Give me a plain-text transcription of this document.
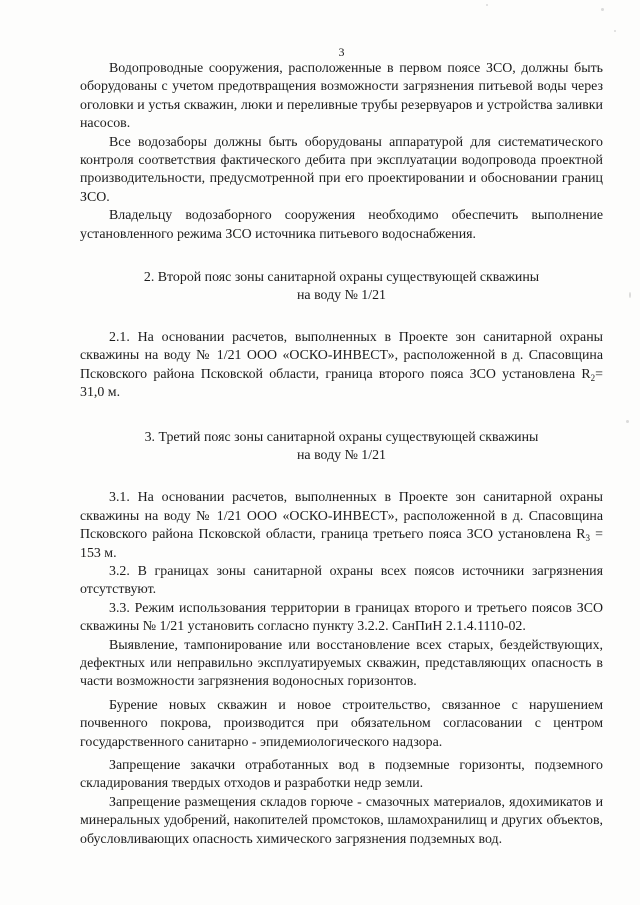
3

Водопроводные сооружения, расположенные в первом поясе ЗСО, должны быть оборудованы с учетом предотвращения возможности загрязнения питьевой воды через оголовки и устья скважин, люки и переливные трубы резервуаров и устройства заливки насосов.

Все водозаборы должны быть оборудованы аппаратурой для систематического контроля соответствия фактического дебита при эксплуатации водопровода проектной производительности, предусмотренной при его проектировании и обосновании границ ЗСО.

Владельцу водозаборного сооружения необходимо обеспечить выполнение установленного режима ЗСО источника питьевого водоснабжения.

2. Второй пояс зоны санитарной охраны существующей скважины
на воду № 1/21

2.1. На основании расчетов, выполненных в Проекте зон санитарной охраны скважины на воду № 1/21 ООО «ОСКО-ИНВЕСТ», расположенной в д. Спасовщина Псковского района Псковской области, граница второго пояса ЗСО установлена $R_2= 31,0$ м.

3. Третий пояс зоны санитарной охраны существующей скважины
на воду № 1/21

3.1. На основании расчетов, выполненных в Проекте зон санитарной охраны скважины на воду № 1/21 ООО «ОСКО-ИНВЕСТ», расположенной в д. Спасовщина Псковского района Псковской области, граница третьего пояса ЗСО установлена $R_3 = 153$ м.

3.2. В границах зоны санитарной охраны всех поясов источники загрязнения отсутствуют.

3.3. Режим использования территории в границах второго и третьего поясов ЗСО скважины № 1/21 установить согласно пункту 3.2.2. СанПиН 2.1.4.1110-02.

Выявление, тампонирование или восстановление всех старых, бездействующих, дефектных или неправильно эксплуатируемых скважин, представляющих опасность в части возможности загрязнения водоносных горизонтов.

Бурение новых скважин и новое строительство, связанное с нарушением почвенного покрова, производится при обязательном согласовании с центром государственного санитарно - эпидемиологического надзора.

Запрещение закачки отработанных вод в подземные горизонты, подземного складирования твердых отходов и разработки недр земли.

Запрещение размещения складов горюче - смазочных материалов, ядохимикатов и минеральных удобрений, накопителей промстоков, шламохранилищ и других объектов, обусловливающих опасность химического загрязнения подземных вод.
